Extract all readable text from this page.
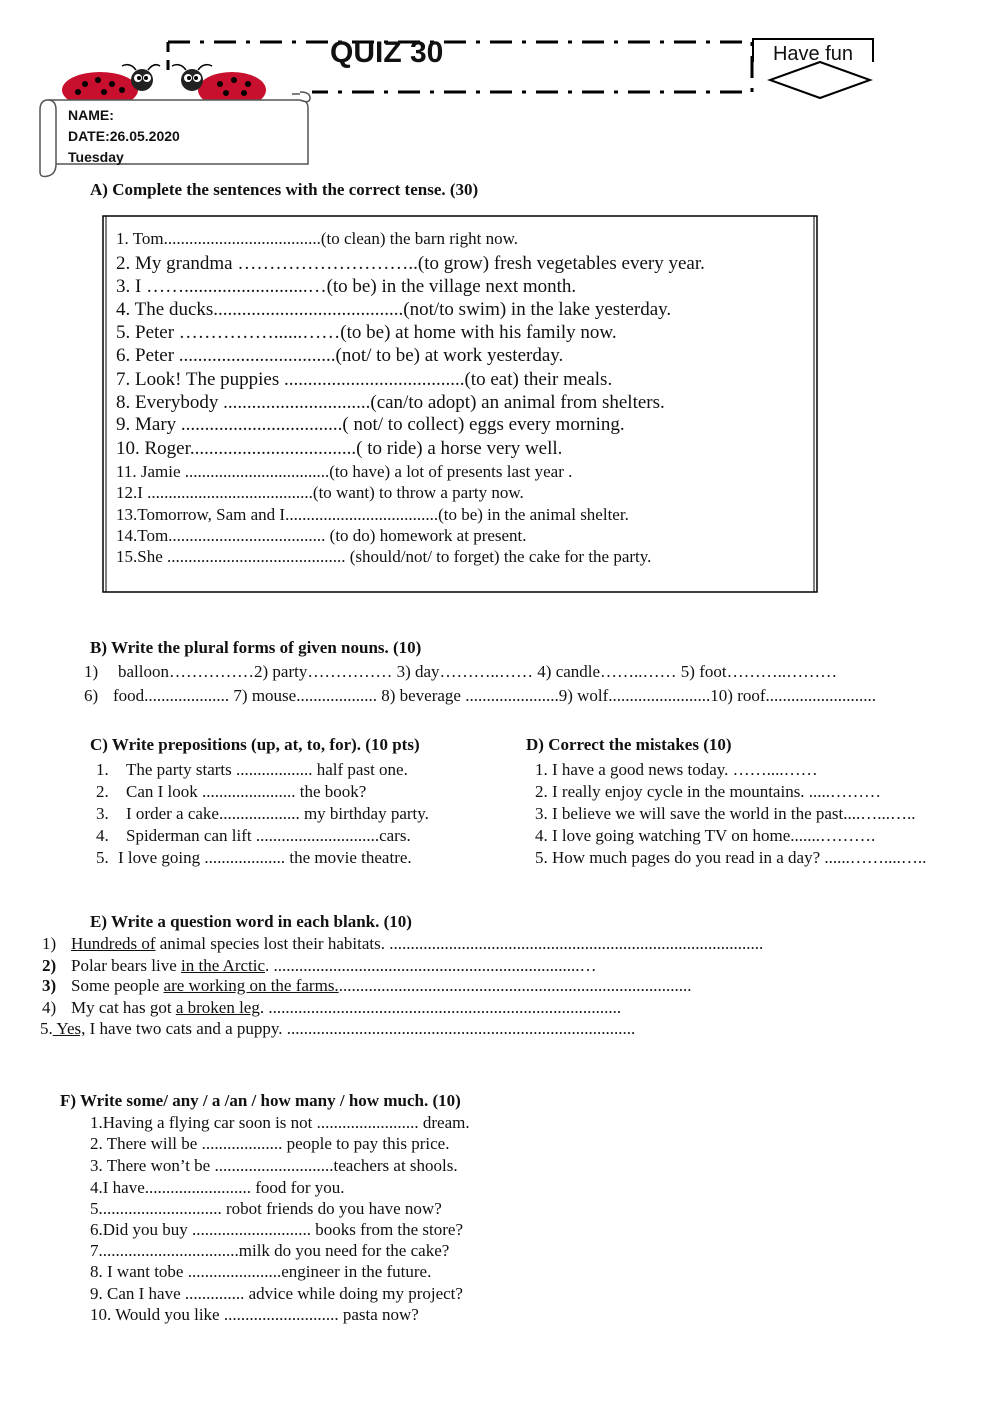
QUIZ 30	Have fun
NAME:
DATE:26.05.2020
Tuesday
A) Complete the sentences with the correct tense. (30)
1. Tom.....................................(to clean) the barn right now.
2. My grandma ………………………..(to grow) fresh vegetables every year.
3. I ……..........................…(to be) in the village next month.
4. The ducks........................................(not/to swim) in the lake yesterday.
5. Peter ……………......……(to be) at home with his family now.
6. Peter .................................(not/ to be) at work yesterday.
7. Look! The puppies ......................................(to eat) their meals.
8. Everybody ...............................(can/to adopt) an animal from shelters.
9. Mary ..................................( not/ to collect) eggs every morning.
10. Roger...................................( to ride) a horse very well.
11. Jamie ..................................(to have) a lot of presents last year .
12.I .......................................(to want) to throw a party now.
13.Tomorrow, Sam and I....................................(to be) in the animal shelter.
14.Tom..................................... (to do) homework at present.
15.She .......................................... (should/not/ to forget) the cake for the party.
B) Write the plural forms of given nouns. (10)
1) balloon……………2) party…………… 3) day………..…… 4) candle……..…… 5) foot………..………
6) food.................... 7) mouse................... 8) beverage ......................9) wolf........................10) roof..........................
C) Write prepositions (up, at, to, for). (10 pts)
1. The party starts .................. half past one.
2. Can I look ...................... the book?
3. I order a cake................... my birthday party.
4. Spiderman can lift .............................cars.
5. I love going ................... the movie theatre.
D) Correct the mistakes (10)
1. I have a good news today. ……....……
2. I really enjoy cycle in the mountains. .....………
3. I believe we will save the world in the past....…...…..
4. I love going watching TV on home.......……….
5. How much pages do you read in a day? ......……....…..
E) Write a question word in each blank. (10)
1) Hundreds of animal species lost their habitats. ........................................................................................
2) Polar bears live in the Arctic. ........................................................................…
3) Some people are working on the farms....................................................................................
4) My cat has got a broken leg. ...................................................................................
5. Yes, I have two cats and a puppy. ..................................................................................
F) Write some/ any / a /an / how many / how much. (10)
1.Having a flying car soon is not ........................ dream.
2. There will be ................... people to pay this price.
3. There won’t be ............................teachers at shools.
4.I have......................... food for you.
5............................. robot friends do you have now?
6.Did you buy ............................ books from the store?
7.................................milk do you need for the cake?
8. I want tobe ......................engineer in the future.
9. Can I have .............. advice while doing my project?
10. Would you like ........................... pasta now?
